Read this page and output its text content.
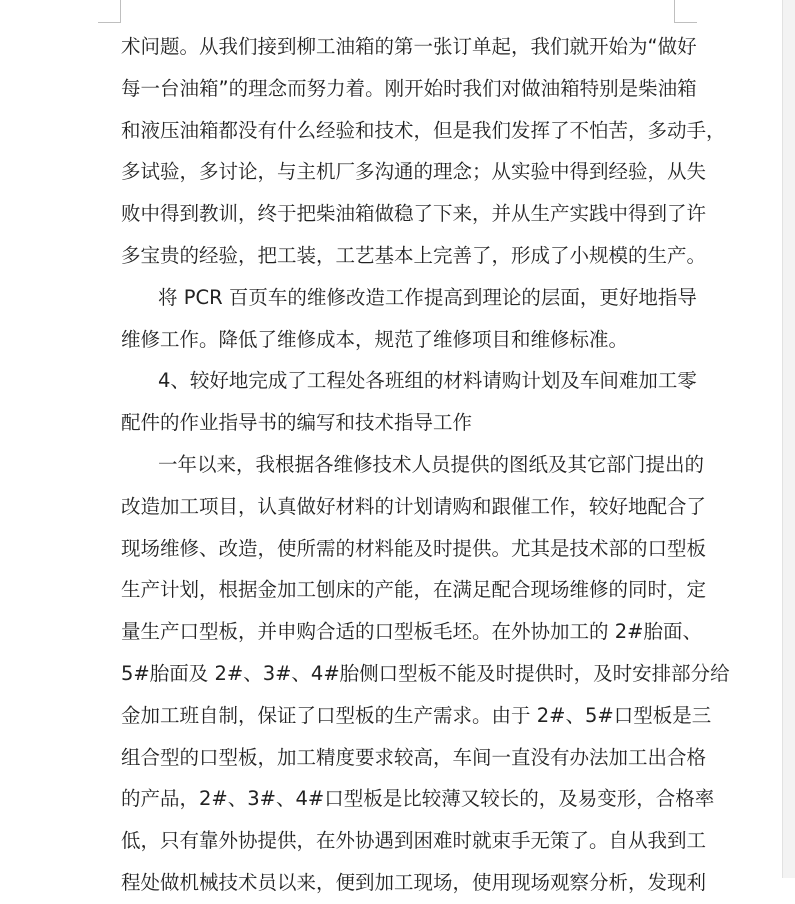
术问题。从我们接到柳工油箱的第一张订单起，我们就开始为“做好
每一台油箱”的理念而努力着。刚开始时我们对做油箱特别是柴油箱
和液压油箱都没有什么经验和技术，但是我们发挥了不怕苦，多动手，
多试验，多讨论，与主机厂多沟通的理念；从实验中得到经验，从失
败中得到教训，终于把柴油箱做稳了下来，并从生产实践中得到了许
多宝贵的经验，把工装，工艺基本上完善了，形成了小规模的生产。
将 PCR 百页车的维修改造工作提高到理论的层面，更好地指导
维修工作。降低了维修成本，规范了维修项目和维修标准。
4、较好地完成了工程处各班组的材料请购计划及车间难加工零
配件的作业指导书的编写和技术指导工作
一年以来，我根据各维修技术人员提供的图纸及其它部门提出的
改造加工项目，认真做好材料的计划请购和跟催工作，较好地配合了
现场维修、改造，使所需的材料能及时提供。尤其是技术部的口型板
生产计划，根据金加工刨床的产能，在满足配合现场维修的同时，定
量生产口型板，并申购合适的口型板毛坯。在外协加工的 2#胎面、
5#胎面及 2#、3#、4#胎侧口型板不能及时提供时，及时安排部分给
金加工班自制，保证了口型板的生产需求。由于 2#、5#口型板是三
组合型的口型板，加工精度要求较高，车间一直没有办法加工出合格
的产品，2#、3#、4#口型板是比较薄又较长的，及易变形，合格率
低，只有靠外协提供，在外协遇到困难时就束手无策了。自从我到工
程处做机械技术员以来，便到加工现场，使用现场观察分析，发现利
